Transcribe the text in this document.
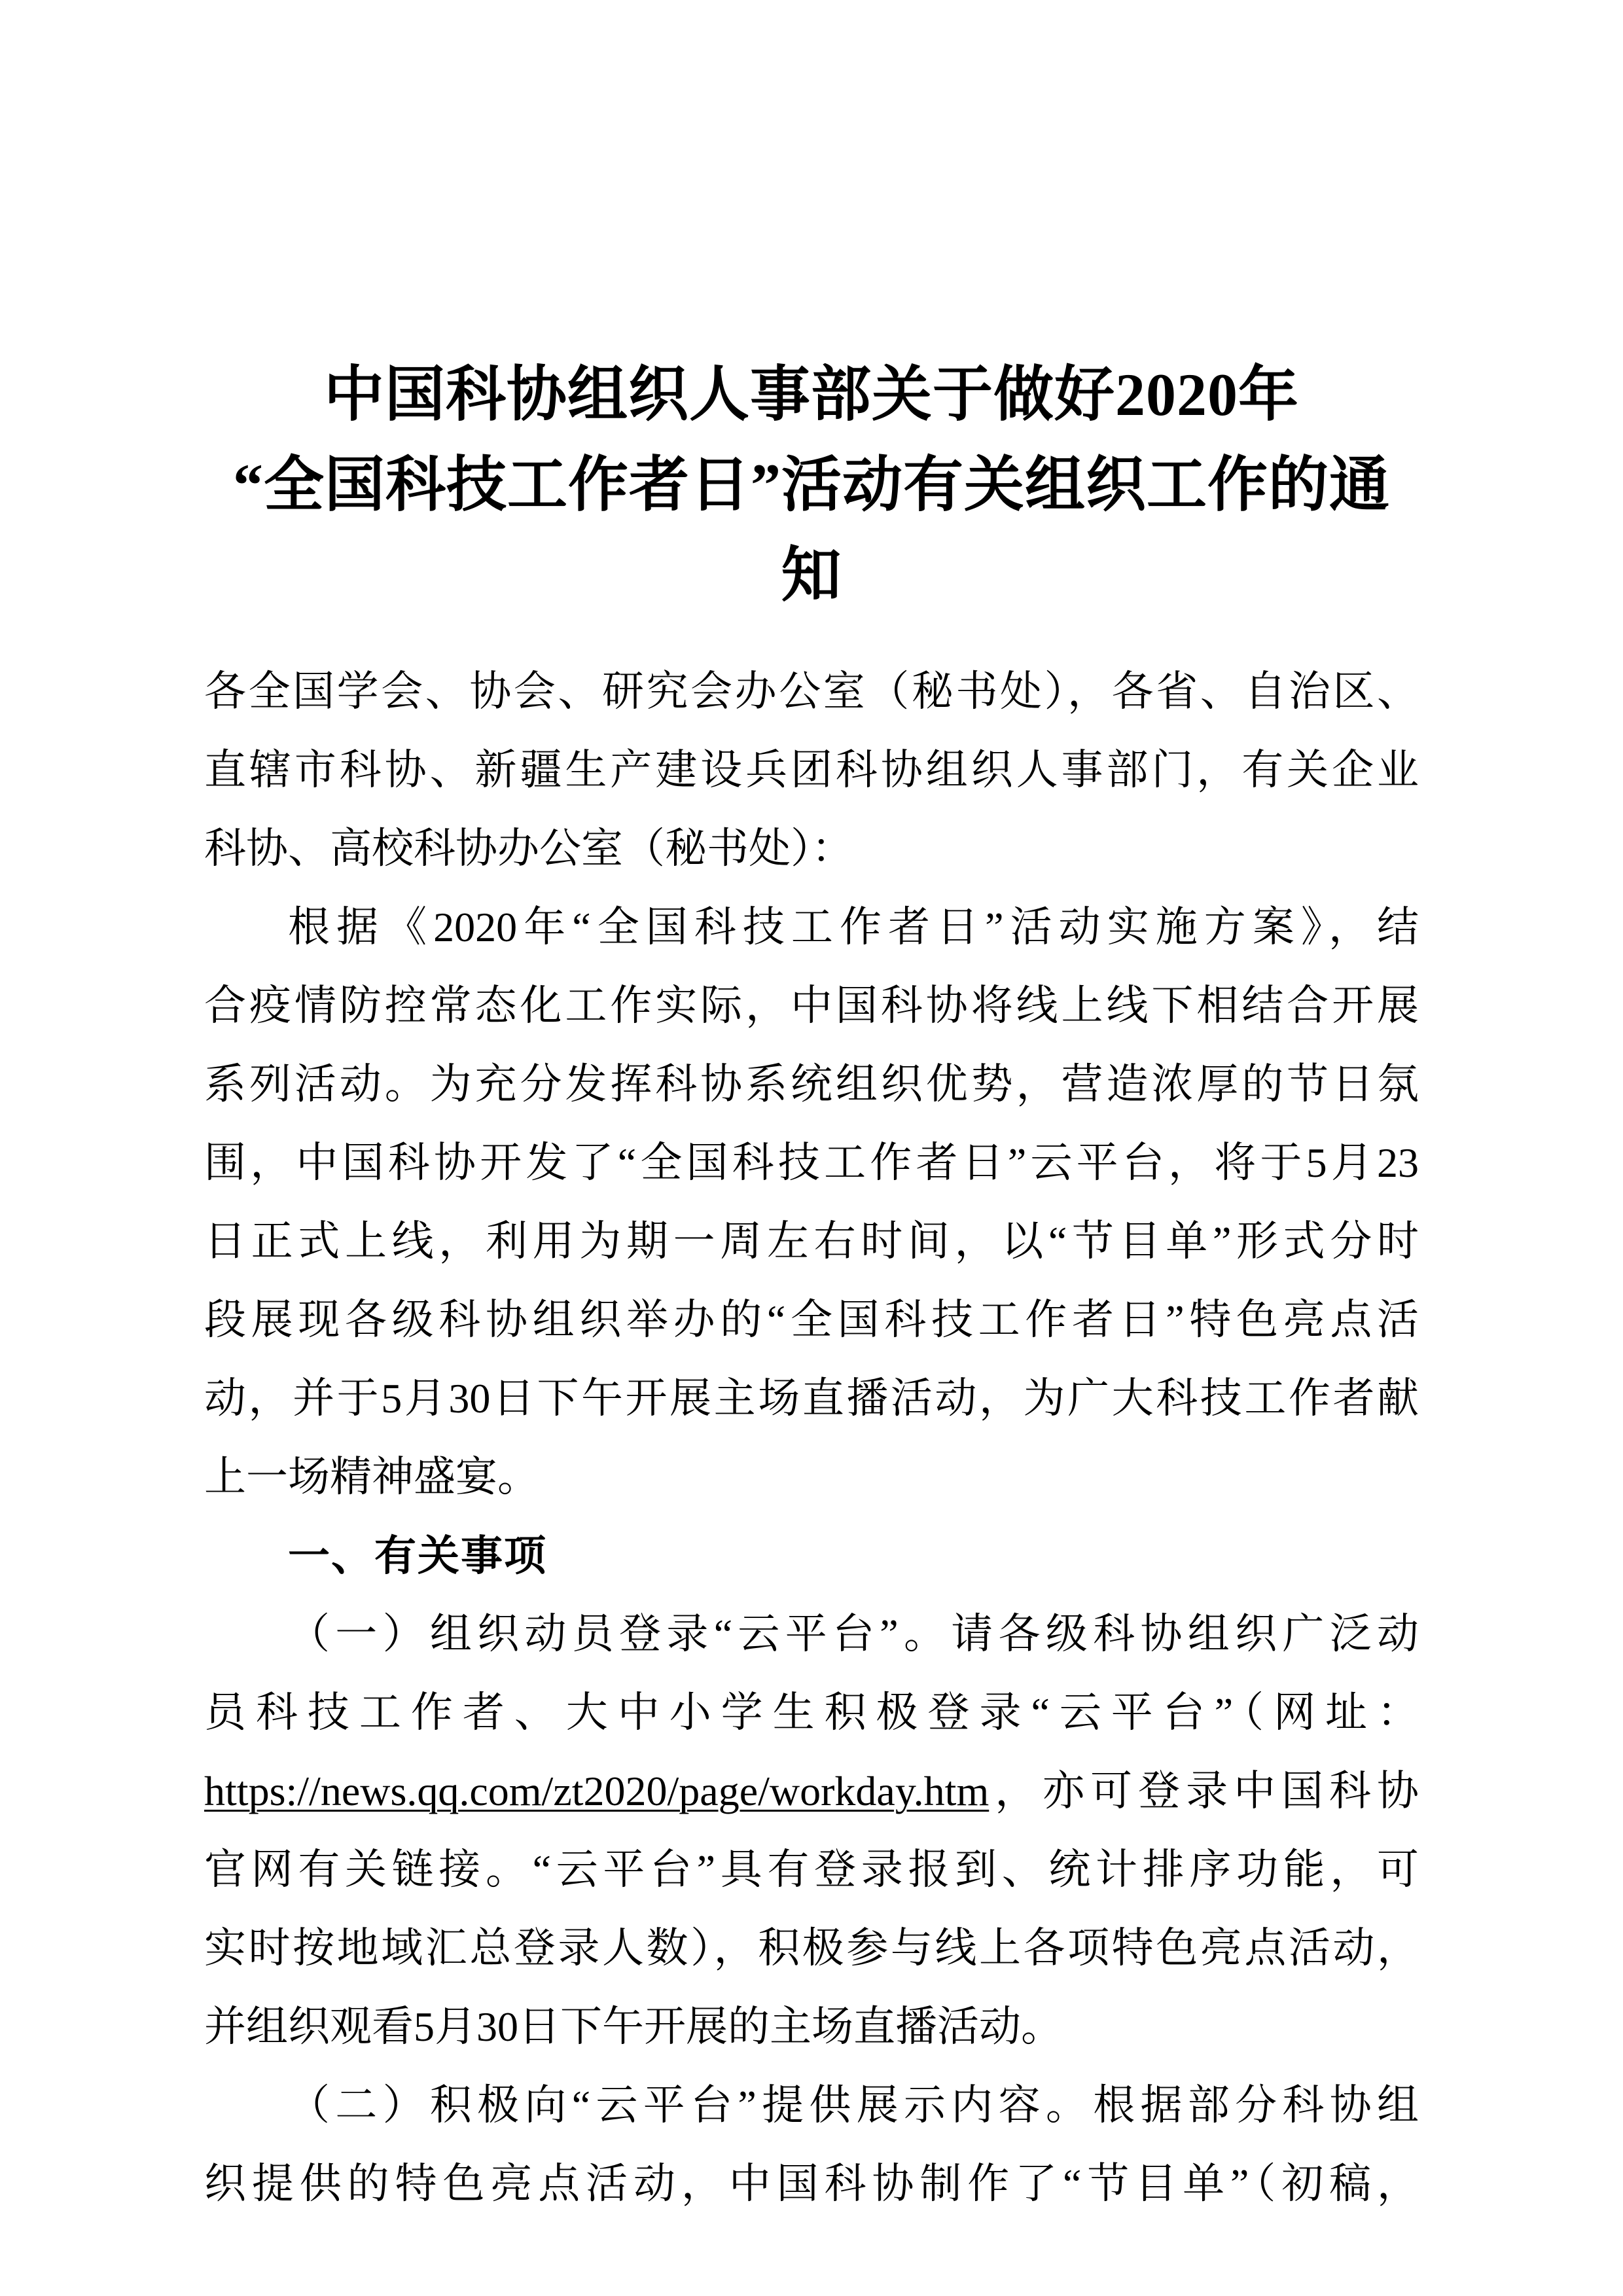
中国科协组织人事部关于做好2020年
“全国科技工作者日”活动有关组织工作的通知
各全国学会、协会、研究会办公室（秘书处），各省、自治区、
直辖市科协、新疆生产建设兵团科协组织人事部门，有关企业
科协、高校科协办公室（秘书处）：
根据《2020年“全国科技工作者日”活动实施方案》，结
合疫情防控常态化工作实际，中国科协将线上线下相结合开展
系列活动。为充分发挥科协系统组织优势，营造浓厚的节日氛
围，中国科协开发了“全国科技工作者日”云平台，将于5月23
日正式上线，利用为期一周左右时间，以“节目单”形式分时
段展现各级科协组织举办的“全国科技工作者日”特色亮点活
动，并于5月30日下午开展主场直播活动，为广大科技工作者献
上一场精神盛宴。
一、有关事项
（一）组织动员登录“云平台”。请各级科协组织广泛动
员科技工作者、大中小学生积极登录“云平台”（网址：
https://news.qq.com/zt2020/page/workday.htm，亦可登录中国科协
官网有关链接。“云平台”具有登录报到、统计排序功能，可
实时按地域汇总登录人数），积极参与线上各项特色亮点活动，
并组织观看5月30日下午开展的主场直播活动。
（二）积极向“云平台”提供展示内容。根据部分科协组
织提供的特色亮点活动，中国科协制作了“节目单”（初稿，
